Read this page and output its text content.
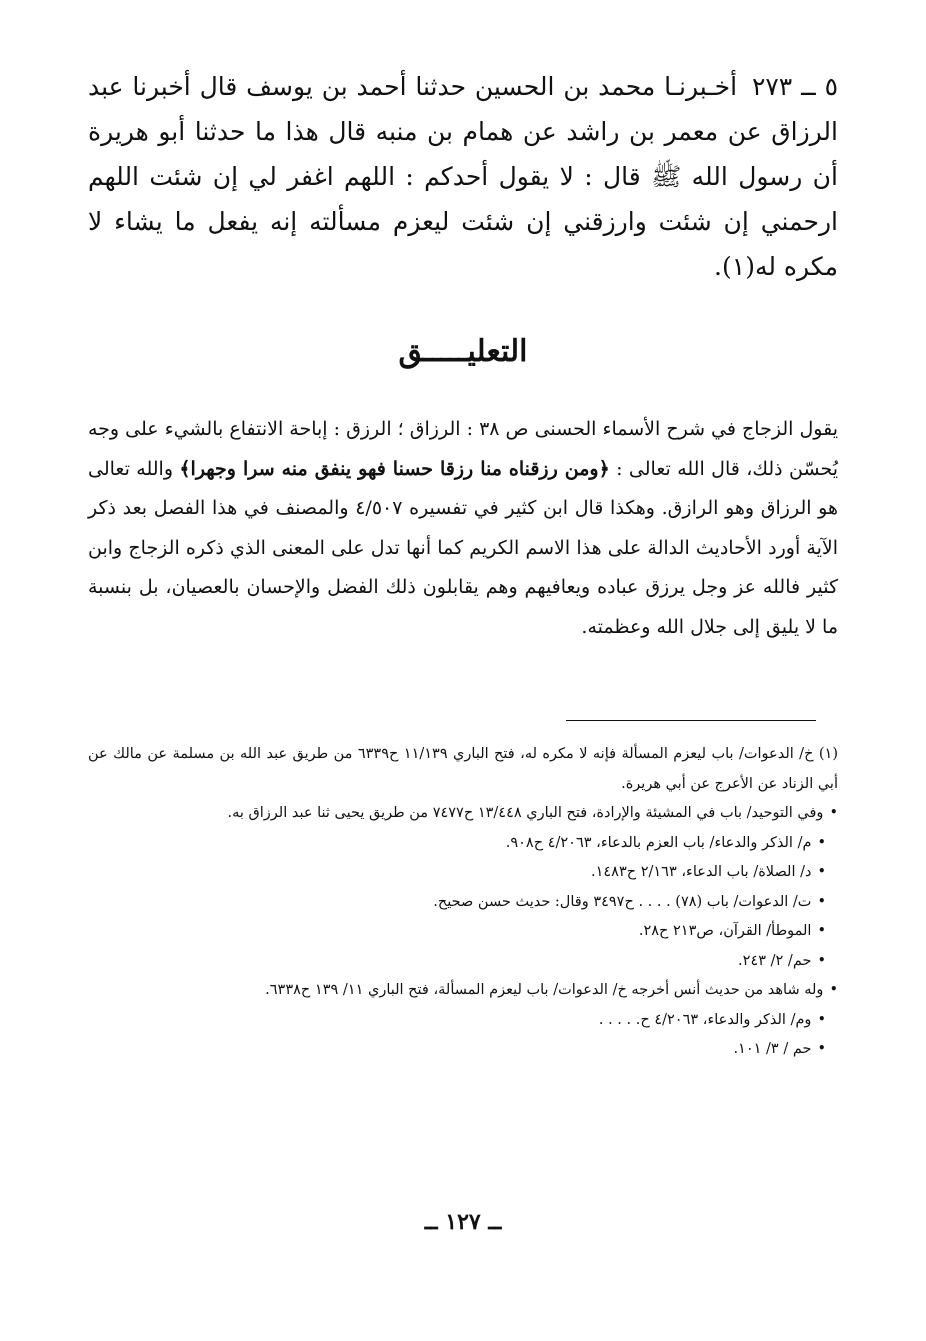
٥ ــ ٢٧٣ أخـبرنـا محمد بن الحسين حدثنا أحمد بن يوسف قال أخبرنا عبد الرزاق عن معمر بن راشد عن همام بن منبه قال هذا ما حدثنا أبو هريرة أن رسول الله ﷺ قال : لا يقول أحدكم : اللهم اغفر لي إن شئت اللهم ارحمني إن شئت وارزقني إن شئت ليعزم مسألته إنه يفعل ما يشاء لا مكره له(١).

التعليـــــق

يقول الزجاج في شرح الأسماء الحسنى ص ٣٨ : الرزاق ؛ الرزق : إباحة الانتفاع بالشيء على وجه يُحسّن ذلك، قال الله تعالى : ﴿ومن رزقناه منا رزقا حسنا فهو ينفق منه سرا وجهرا﴾ والله تعالى هو الرزاق وهو الرازق. وهكذا قال ابن كثير في تفسيره ٤/٥٠٧ والمصنف في هذا الفصل بعد ذكر الآية أورد الأحاديث الدالة على هذا الاسم الكريم كما أنها تدل على المعنى الذي ذكره الزجاج وابن كثير فالله عز وجل يرزق عباده ويعافيهم وهم يقابلون ذلك الفضل والإحسان بالعصيان، بل بنسبة ما لا يليق إلى جلال الله وعظمته.

(١) خ/ الدعوات/ باب ليعزم المسألة فإنه لا مكره له، فتح الباري ١١/١٣٩ ح٦٣٣٩ من طريق عبد الله بن مسلمة عن مالك عن أبي الزناد عن الأعرج عن أبي هريرة.
•وفي التوحيد/ باب في المشيئة والإرادة، فتح الباري ١٣/٤٤٨ ح٧٤٧٧ من طريق يحيى ثنا عبد الرزاق به.
•م/ الذكر والدعاء/ باب العزم بالدعاء، ٤/٢٠٦٣ ح٩٠٨.
•د/ الصلاة/ باب الدعاء، ٢/١٦٣ ح١٤٨٣.
•ت/ الدعوات/ باب (٧٨) . . . . ح٣٤٩٧ وقال: حديث حسن صحيح.
•الموطأ/ القرآن، ص٢١٣ ح٢٨.
•حم/ ٢/ ٢٤٣.
•وله شاهد من حديث أنس أخرجه خ/ الدعوات/ باب ليعزم المسألة، فتح الباري ١١/ ١٣٩ ح٦٣٣٨.
•وم/ الذكر والدعاء، ٤/٢٠٦٣ ح. . . . .
•حم / ٣/ ١٠١.
ــ ١٢٧ ــ
